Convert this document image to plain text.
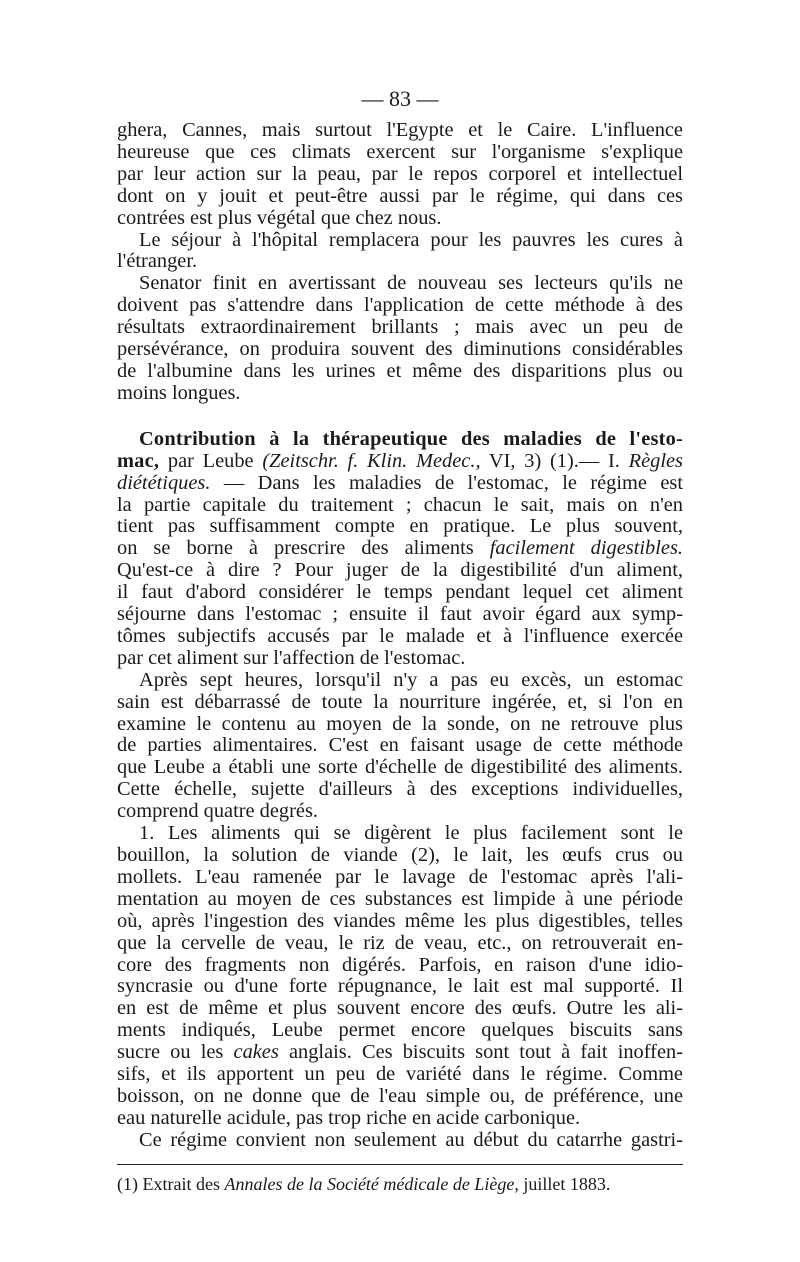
— 83 —

ghera, Cannes, mais surtout l'Egypte et le Caire. L'influence
heureuse que ces climats exercent sur l'organisme s'explique
par leur action sur la peau, par le repos corporel et intellectuel
dont on y jouit et peut-être aussi par le régime, qui dans ces
contrées est plus végétal que chez nous.

Le séjour à l'hôpital remplacera pour les pauvres les cures à
l'étranger.

Senator finit en avertissant de nouveau ses lecteurs qu'ils ne
doivent pas s'attendre dans l'application de cette méthode à des
résultats extraordinairement brillants ; mais avec un peu de
persévérance, on produira souvent des diminutions considérables
de l'albumine dans les urines et même des disparitions plus ou
moins longues.

Contribution à la thérapeutique des maladies de l'esto-
mac, par Leube (Zeitschr. f. Klin. Medec., VI, 3) (1).— I. Règles
diététiques. — Dans les maladies de l'estomac, le régime est
la partie capitale du traitement ; chacun le sait, mais on n'en
tient pas suffisamment compte en pratique. Le plus souvent,
on se borne à prescrire des aliments facilement digestibles.
Qu'est-ce à dire ? Pour juger de la digestibilité d'un aliment,
il faut d'abord considérer le temps pendant lequel cet aliment
séjourne dans l'estomac ; ensuite il faut avoir égard aux symp-
tômes subjectifs accusés par le malade et à l'influence exercée
par cet aliment sur l'affection de l'estomac.

Après sept heures, lorsqu'il n'y a pas eu excès, un estomac
sain est débarrassé de toute la nourriture ingérée, et, si l'on en
examine le contenu au moyen de la sonde, on ne retrouve plus
de parties alimentaires. C'est en faisant usage de cette méthode
que Leube a établi une sorte d'échelle de digestibilité des aliments.
Cette échelle, sujette d'ailleurs à des exceptions individuelles,
comprend quatre degrés.

1. Les aliments qui se digèrent le plus facilement sont le
bouillon, la solution de viande (2), le lait, les œufs crus ou
mollets. L'eau ramenée par le lavage de l'estomac après l'ali-
mentation au moyen de ces substances est limpide à une période
où, après l'ingestion des viandes même les plus digestibles, telles
que la cervelle de veau, le riz de veau, etc., on retrouverait en-
core des fragments non digérés. Parfois, en raison d'une idio-
syncrasie ou d'une forte répugnance, le lait est mal supporté. Il
en est de même et plus souvent encore des œufs. Outre les ali-
ments indiqués, Leube permet encore quelques biscuits sans
sucre ou les cakes anglais. Ces biscuits sont tout à fait inoffen-
sifs, et ils apportent un peu de variété dans le régime. Comme
boisson, on ne donne que de l'eau simple ou, de préférence, une
eau naturelle acidule, pas trop riche en acide carbonique.

Ce régime convient non seulement au début du catarrhe gastri-

(1) Extrait des Annales de la Société médicale de Liège, juillet 1883.
